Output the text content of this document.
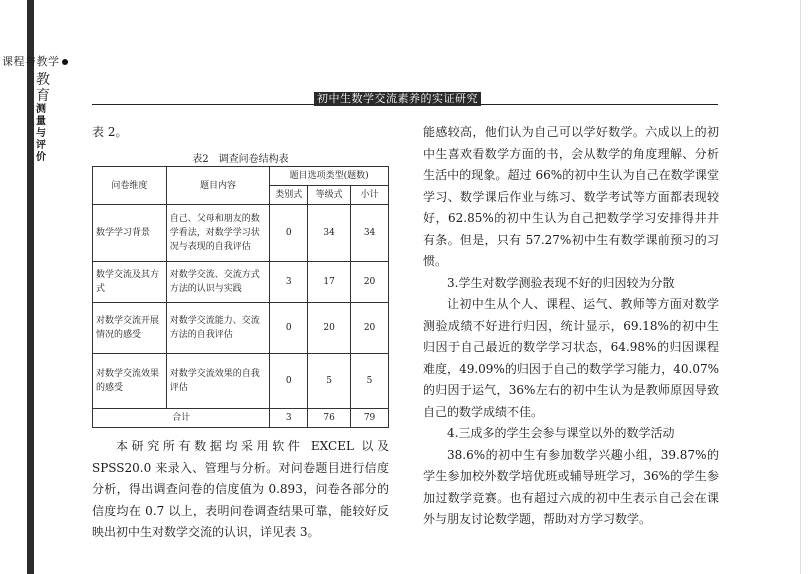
课程与教学
教
育
测
量
与
评
价
初中生数学交流素养的实证研究

表 2。

表2　调查问卷结构表
问卷维度	题目内容	题目选项类型(题数)		
		类别式	等级式	小计
数学学习背景	自己、父母和朋友的数学看法，对数学学习状况与表现的自我评估	0	34	34
数学交流及其方式	对数学交流、交流方式方法的认识与实践	3	17	20
对数学交流开展情况的感受	对数学交流能力、交流方法的自我评估	0	20	20
对数学交流效果的感受	对数学交流效果的自我评估	0	5	5
合计		3	76	79

本研究所有数据均采用软件 EXCEL 以及 SPSS20.0 来录入、管理与分析。对问卷题目进行信度分析，得出调查问卷的信度值为 0.893，问卷各部分的信度均在 0.7 以上，表明问卷调查结果可靠，能较好反映出初中生对数学交流的认识，详见表 3。

能感较高，他们认为自己可以学好数学。六成以上的初中生喜欢看数学方面的书，会从数学的角度理解、分析生活中的现象。超过 66%的初中生认为自己在数学课堂学习、数学课后作业与练习、数学考试等方面都表现较好，62.85%的初中生认为自己把数学学习安排得井井有条。但是，只有 57.27%初中生有数学课前预习的习惯。

3.学生对数学测验表现不好的归因较为分散

让初中生从个人、课程、运气、教师等方面对数学测验成绩不好进行归因，统计显示，69.18%的初中生归因于自己最近的数学学习状态，64.98%的归因课程难度，49.09%的归因于自己的数学学习能力，40.07%的归因于运气，36%左右的初中生认为是教师原因导致自己的数学成绩不佳。

4.三成多的学生会参与课堂以外的数学活动

38.6%的初中生有参加数学兴趣小组，39.87%的学生参加校外数学培优班或辅导班学习，36%的学生参加过数学竞赛。也有超过六成的初中生表示自己会在课外与朋友讨论数学题，帮助对方学习数学。
